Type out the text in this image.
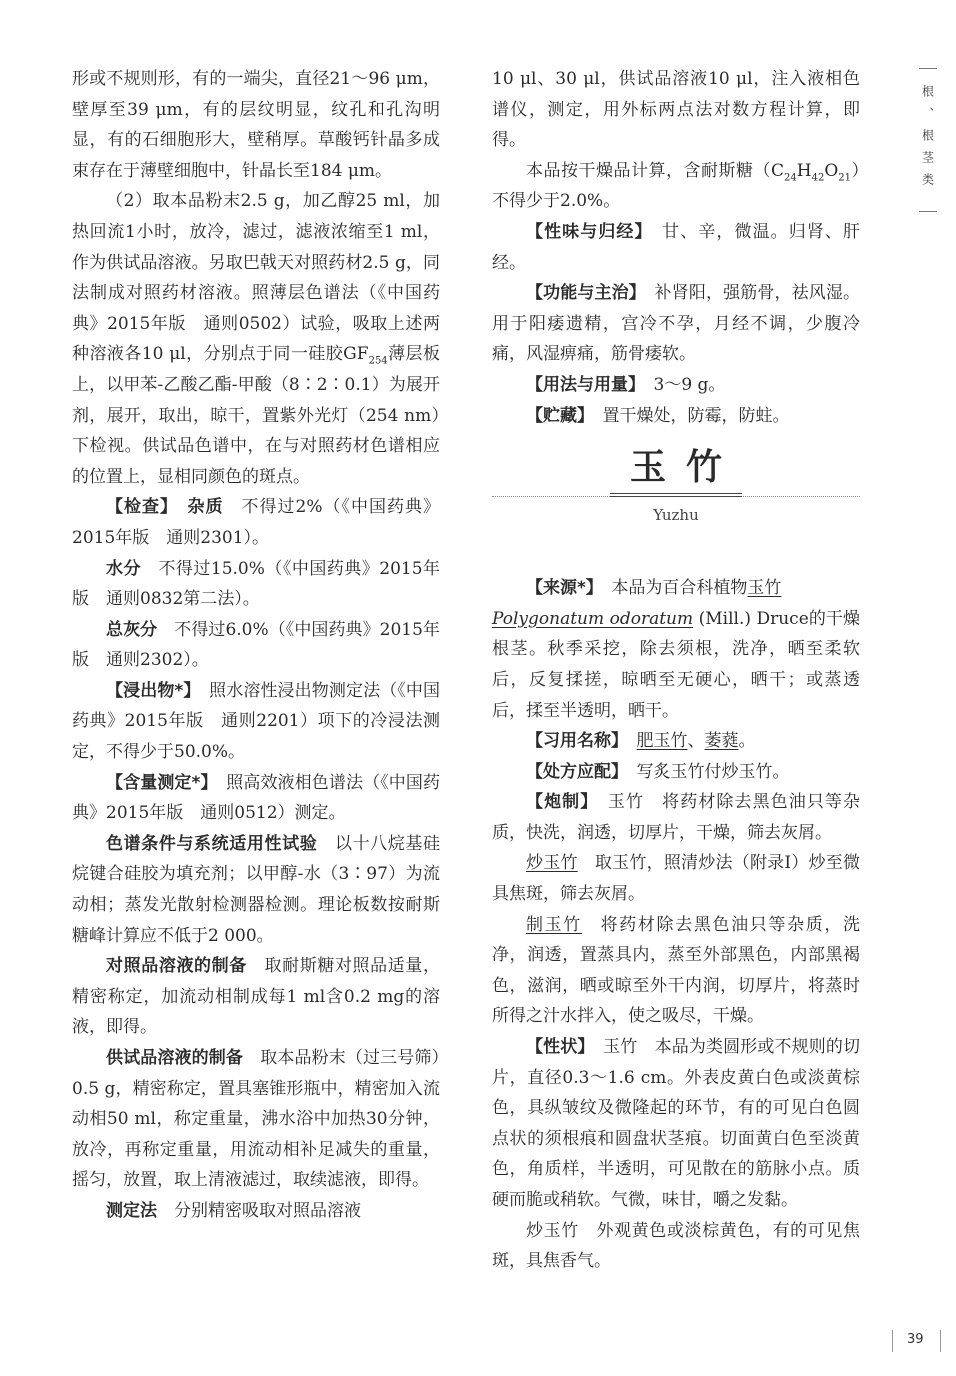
形或不规则形，有的一端尖，直径21～96 μm，壁厚至39 μm，有的层纹明显，纹孔和孔沟明显，有的石细胞形大，壁稍厚。草酸钙针晶多成束存在于薄壁细胞中，针晶长至184 μm。

（2）取本品粉末2.5 g，加乙醇25 ml，加热回流1小时，放冷，滤过，滤液浓缩至1 ml，作为供试品溶液。另取巴戟天对照药材2.5 g，同法制成对照药材溶液。照薄层色谱法（《中国药典》2015年版　通则0502）试验，吸取上述两种溶液各10 μl，分别点于同一硅胶$GF_{254}$薄层板上，以甲苯-乙酸乙酯-甲酸（8∶2∶0.1）为展开剂，展开，取出，晾干，置紫外光灯（254 nm）下检视。供试品色谱中，在与对照药材色谱相应的位置上，显相同颜色的斑点。

【检查】　 杂质　不得过2%（《中国药典》2015年版　通则2301）。

水分　不得过15.0%（《中国药典》2015年版　通则0832第二法）。

总灰分　不得过6.0%（《中国药典》2015年版　通则2302）。

【浸出物*】　照水溶性浸出物测定法（《中国药典》2015年版　通则2201）项下的冷浸法测定，不得少于50.0%。

【含量测定*】　照高效液相色谱法（《中国药典》2015年版　通则0512）测定。

色谱条件与系统适用性试验　以十八烷基硅烷键合硅胶为填充剂；以甲醇-水（3∶97）为流动相；蒸发光散射检测器检测。理论板数按耐斯糖峰计算应不低于2 000。

对照品溶液的制备　取耐斯糖对照品适量，精密称定，加流动相制成每1 ml含0.2 mg的溶液，即得。

供试品溶液的制备　取本品粉末（过三号筛）0.5 g，精密称定，置具塞锥形瓶中，精密加入流动相50 ml，称定重量，沸水浴中加热30分钟，放冷，再称定重量，用流动相补足减失的重量，摇匀，放置，取上清液滤过，取续滤液，即得。

测定法　分别精密吸取对照品溶液

10 μl、30 μl，供试品溶液10 μl，注入液相色谱仪，测定，用外标两点法对数方程计算，即得。

本品按干燥品计算，含耐斯糖$(C_{24}H_{42}O_{21})$不得少于2.0%。

【性味与归经】　甘、辛，微温。归肾、肝经。

【功能与主治】　补肾阳，强筋骨，祛风湿。用于阳痿遗精，宫冷不孕，月经不调，少腹冷痛，风湿痹痛，筋骨痿软。

【用法与用量】　3～9 g。

【贮藏】　置干燥处，防霉，防蛀。

玉竹
Yuzhu

【来源*】　本品为百合科植物玉竹
Polygonatum odoratum (Mill.) Druce的干燥根茎。秋季采挖，除去须根，洗净，晒至柔软后，反复揉搓，晾晒至无硬心，晒干；或蒸透后，揉至半透明，晒干。

【习用名称】　 肥玉竹、萎蕤。

【处方应配】　写炙玉竹付炒玉竹。

【炮制】　玉竹　将药材除去黑色油只等杂质，快洗，润透，切厚片，干燥，筛去灰屑。

炒玉竹　取玉竹，照清炒法（附录Ⅰ）炒至微具焦斑，筛去灰屑。

制玉竹　将药材除去黑色油只等杂质，洗净，润透，置蒸具内，蒸至外部黑色，内部黑褐色，滋润，晒或晾至外干内润，切厚片，将蒸时所得之汁水拌入，使之吸尽，干燥。

【性状】　玉竹　本品为类圆形或不规则的切片，直径0.3～1.6 cm。外表皮黄白色或淡黄棕色，具纵皱纹及微隆起的环节，有的可见白色圆点状的须根痕和圆盘状茎痕。切面黄白色至淡黄色，角质样，半透明，可见散在的筋脉小点。质硬而脆或稍软。气微，味甘，嚼之发黏。

炒玉竹　外观黄色或淡棕黄色，有的可见焦斑，具焦香气。

根、根茎类
39
